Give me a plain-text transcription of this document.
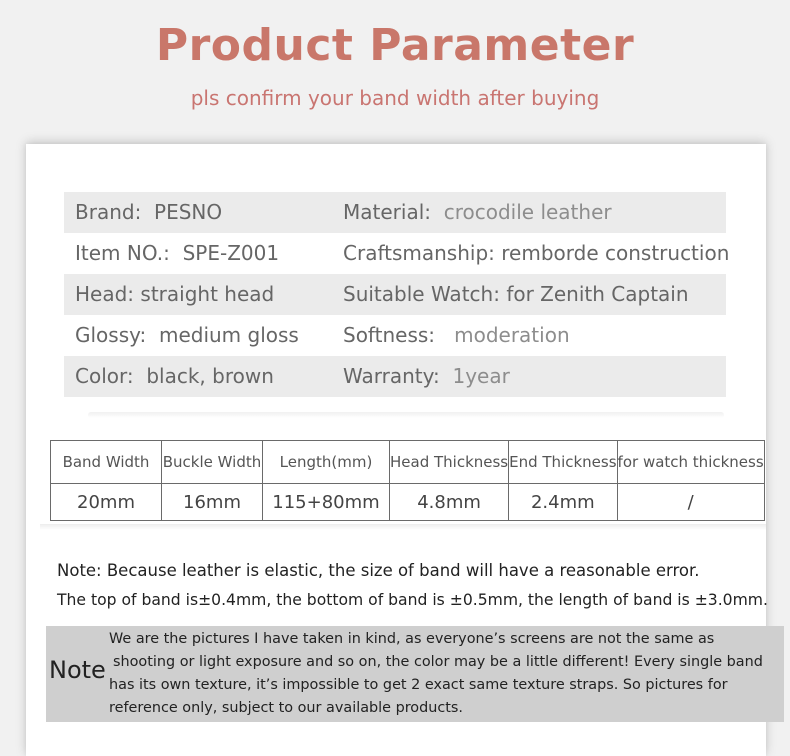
Product Parameter
pls confirm your band width after buying
Brand: PESNO	Material: crocodile leather
Item NO.: SPE-Z001	Craftsmanship: remborde construction
Head: straight head	Suitable Watch: for Zenith Captain
Glossy: medium gloss Softness: moderation
Color: black, brown	Warranty: 1year
Band Width	Buckle Width	Length(mm)	Head Thickness	End Thickness	for watch thickness
20mm	16mm	115+80mm	4.8mm	2.4mm	/
Note: Because leather is elastic, the size of band will have a reasonable error.
The top of band is±0.4mm, the bottom of band is ±0.5mm, the length of band is ±3.0mm.
Note
We are the pictures I have taken in kind, as everyone’s screens are not the same as
shooting or light exposure and so on, the color may be a little different! Every single band
has its own texture, it’s impossible to get 2 exact same texture straps. So pictures for
reference only, subject to our available products.
